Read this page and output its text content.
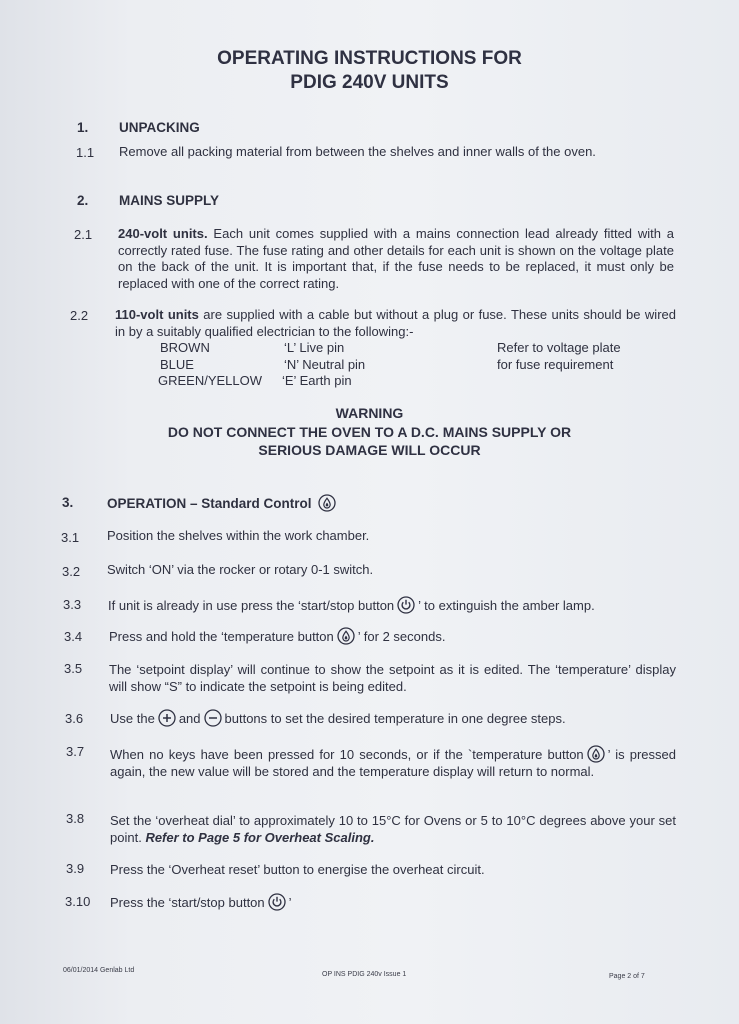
OPERATING INSTRUCTIONS FOR
PDIG 240V UNITS
1. UNPACKING
1.1 Remove all packing material from between the shelves and inner walls of the oven.
2. MAINS SUPPLY
2.1 240-volt units. Each unit comes supplied with a mains connection lead already fitted with a correctly rated fuse. The fuse rating and other details for each unit is shown on the voltage plate on the back of the unit. It is important that, if the fuse needs to be replaced, it must only be replaced with one of the correct rating.
2.2 110-volt units are supplied with a cable but without a plug or fuse. These units should be wired in by a suitably qualified electrician to the following:-
BROWN	‘L’ Live pin	Refer to voltage plate
BLUE	‘N’ Neutral pin	for fuse requirement
GREEN/YELLOW ‘E’ Earth pin
WARNING
DO NOT CONNECT THE OVEN TO A D.C. MAINS SUPPLY OR
SERIOUS DAMAGE WILL OCCUR
3. OPERATION – Standard Control
3.1 Position the shelves within the work chamber.
3.2 Switch ‘ON’ via the rocker or rotary 0-1 switch.
3.3 If unit is already in use press the ‘start/stop button ’ to extinguish the amber lamp.
3.4 Press and hold the ‘temperature button ’ for 2 seconds.
3.5 The ‘setpoint display’ will continue to show the setpoint as it is edited. The ‘temperature’ display will show “S” to indicate the setpoint is being edited.
3.6 Use the and buttons to set the desired temperature in one degree steps.
3.7 When no keys have been pressed for 10 seconds, or if the `temperature button ’ is pressed again, the new value will be stored and the temperature display will return to normal.
3.8 Set the ‘overheat dial’ to approximately 10 to 15°C for Ovens or 5 to 10°C degrees above your set point. Refer to Page 5 for Overheat Scaling.
3.9 Press the ‘Overheat reset’ button to energise the overheat circuit.
3.10 Press the ‘start/stop button ’
06/01/2014 Genlab Ltd
OP INS PDIG 240v Issue 1	Page 2 of 7
